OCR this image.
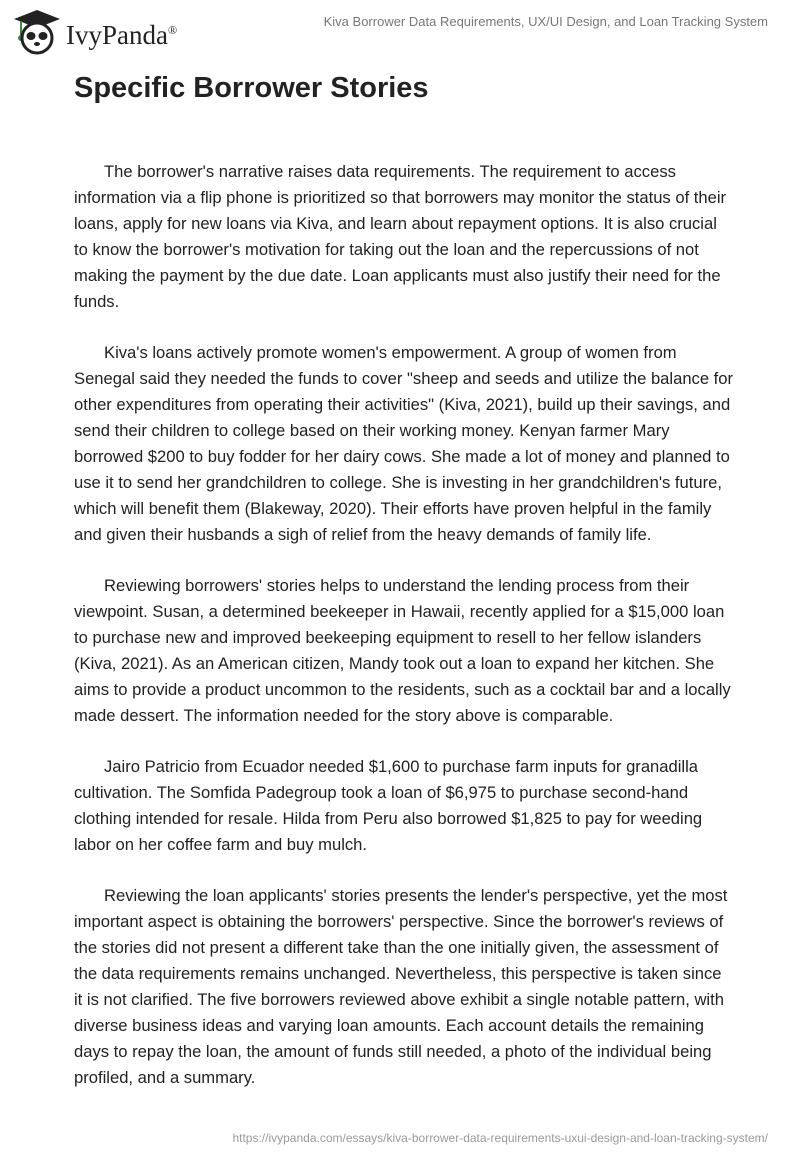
IvyPanda®
Kiva Borrower Data Requirements, UX/UI Design, and Loan Tracking System
Specific Borrower Stories

The borrower's narrative raises data requirements. The requirement to access information via a flip phone is prioritized so that borrowers may monitor the status of their loans, apply for new loans via Kiva, and learn about repayment options. It is also crucial to know the borrower's motivation for taking out the loan and the repercussions of not making the payment by the due date. Loan applicants must also justify their need for the funds.

Kiva's loans actively promote women's empowerment. A group of women from Senegal said they needed the funds to cover "sheep and seeds and utilize the balance for other expenditures from operating their activities" (Kiva, 2021), build up their savings, and send their children to college based on their working money. Kenyan farmer Mary borrowed $200 to buy fodder for her dairy cows. She made a lot of money and planned to use it to send her grandchildren to college. She is investing in her grandchildren's future, which will benefit them (Blakeway, 2020). Their efforts have proven helpful in the family and given their husbands a sigh of relief from the heavy demands of family life.

Reviewing borrowers' stories helps to understand the lending process from their viewpoint. Susan, a determined beekeeper in Hawaii, recently applied for a $15,000 loan to purchase new and improved beekeeping equipment to resell to her fellow islanders (Kiva, 2021). As an American citizen, Mandy took out a loan to expand her kitchen. She aims to provide a product uncommon to the residents, such as a cocktail bar and a locally made dessert. The information needed for the story above is comparable.

Jairo Patricio from Ecuador needed $1,600 to purchase farm inputs for granadilla cultivation. The Somfida Padegroup took a loan of $6,975 to purchase second-hand clothing intended for resale. Hilda from Peru also borrowed $1,825 to pay for weeding labor on her coffee farm and buy mulch.

Reviewing the loan applicants' stories presents the lender's perspective, yet the most important aspect is obtaining the borrowers' perspective. Since the borrower's reviews of the stories did not present a different take than the one initially given, the assessment of the data requirements remains unchanged. Nevertheless, this perspective is taken since it is not clarified. The five borrowers reviewed above exhibit a single notable pattern, with diverse business ideas and varying loan amounts. Each account details the remaining days to repay the loan, the amount of funds still needed, a photo of the individual being profiled, and a summary.

https://ivypanda.com/essays/kiva-borrower-data-requirements-uxui-design-and-loan-tracking-system/
